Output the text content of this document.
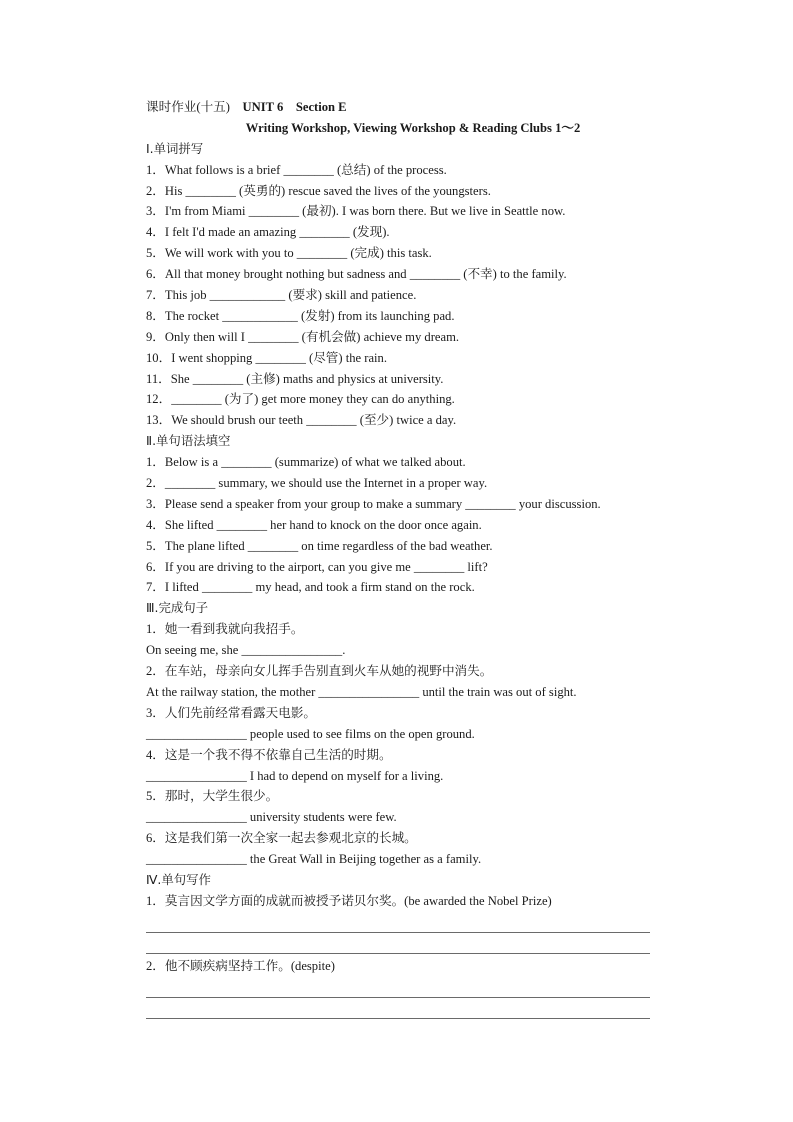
课时作业(十五) UNIT 6 Section E
Writing Workshop, Viewing Workshop & Reading Clubs 1～2
Ⅰ.单词拼写
1．What follows is a brief ________ (总结) of the process.
2．His ________ (英勇的) rescue saved the lives of the youngsters.
3．I'm from Miami ________ (最初). I was born there. But we live in Seattle now.
4．I felt I'd made an amazing ________ (发现).
5．We will work with you to ________ (完成) this task.
6．All that money brought nothing but sadness and ________ (不幸) to the family.
7．This job ____________ (要求) skill and patience.
8．The rocket ____________ (发射) from its launching pad.
9．Only then will I ________ (有机会做) achieve my dream.
10．I went shopping ________ (尽管) the rain.
11．She ________ (主修) maths and physics at university.
12．________ (为了) get more money they can do anything.
13．We should brush our teeth ________ (至少) twice a day.
Ⅱ.单句语法填空
1．Below is a ________ (summarize) of what we talked about.
2．________ summary, we should use the Internet in a proper way.
3．Please send a speaker from your group to make a summary ________ your discussion.
4．She lifted ________ her hand to knock on the door once again.
5．The plane lifted ________ on time regardless of the bad weather.
6．If you are driving to the airport, can you give me ________ lift?
7．I lifted ________ my head, and took a firm stand on the rock.
Ⅲ.完成句子
1．她一看到我就向我招手。
On seeing me, she ________________.
2．在车站，母亲向女儿挥手告别直到火车从她的视野中消失。
At the railway station, the mother ________________ until the train was out of sight.
3．人们先前经常看露天电影。
________________ people used to see films on the open ground.
4．这是一个我不得不依靠自己生活的时期。
________________ I had to depend on myself for a living.
5．那时，大学生很少。
________________ university students were few.
6．这是我们第一次全家一起去参观北京的长城。
________________ the Great Wall in Beijing together as a family.
Ⅳ.单句写作
1．莫言因文学方面的成就而被授予诺贝尔奖。(be awarded the Nobel Prize)
2．他不顾疾病坚持工作。(despite)
